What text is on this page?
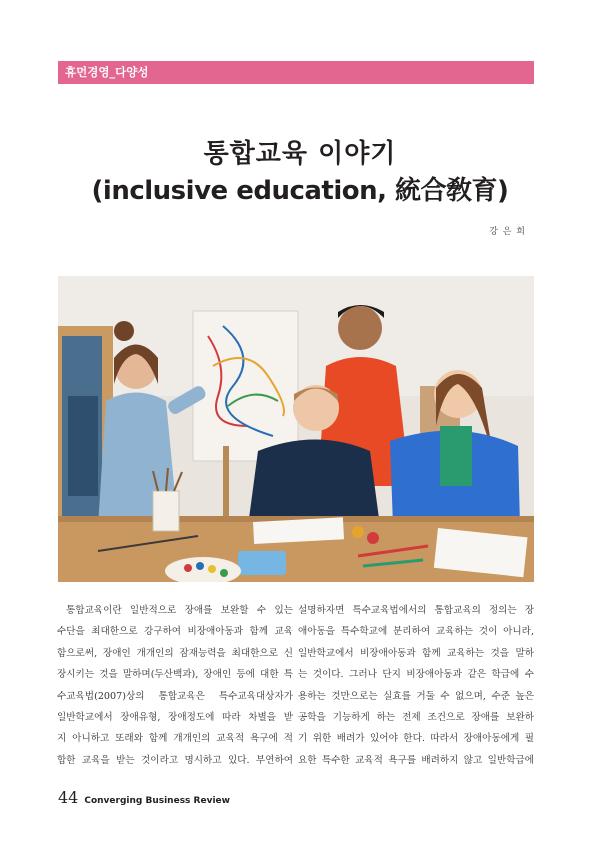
휴먼경영_다양성
통합교육 이야기
(inclusive education, 統合敎育)
강 은 희
통합교육이란 일반적으로 장애를 보완할 수 있는
수단을 최대한으로 강구하여 비장애아동과 함께 교육
함으로써, 장애인 개개인의 잠재능력을 최대한으로 신
장시키는 것을 말하며(두산백과), 장애인 등에 대한 특
수교육법(2007)상의 통합교육은 특수교육대상자가
일반학교에서 장애유형, 장애정도에 따라 차별을 받
지 아니하고 또래와 함께 개개인의 교육적 욕구에 적
합한 교육을 받는 것이라고 명시하고 있다. 부연하여
설명하자면 특수교육법에서의 통합교육의 정의는 장
애아동을 특수학교에 분리하여 교육하는 것이 아니라,
일반학교에서 비장애아동과 함께 교육하는 것을 말하
는 것이다. 그러나 단지 비장애아동과 같은 학급에 수
용하는 것만으로는 실효를 거둘 수 없으며, 수준 높은
공학을 기능하게 하는 전제 조건으로 장애를 보완하
기 위한 배려가 있어야 한다. 따라서 장애아동에게 필
요한 특수한 교육적 욕구를 배려하지 않고 일반학급에
44 Converging Business Review
